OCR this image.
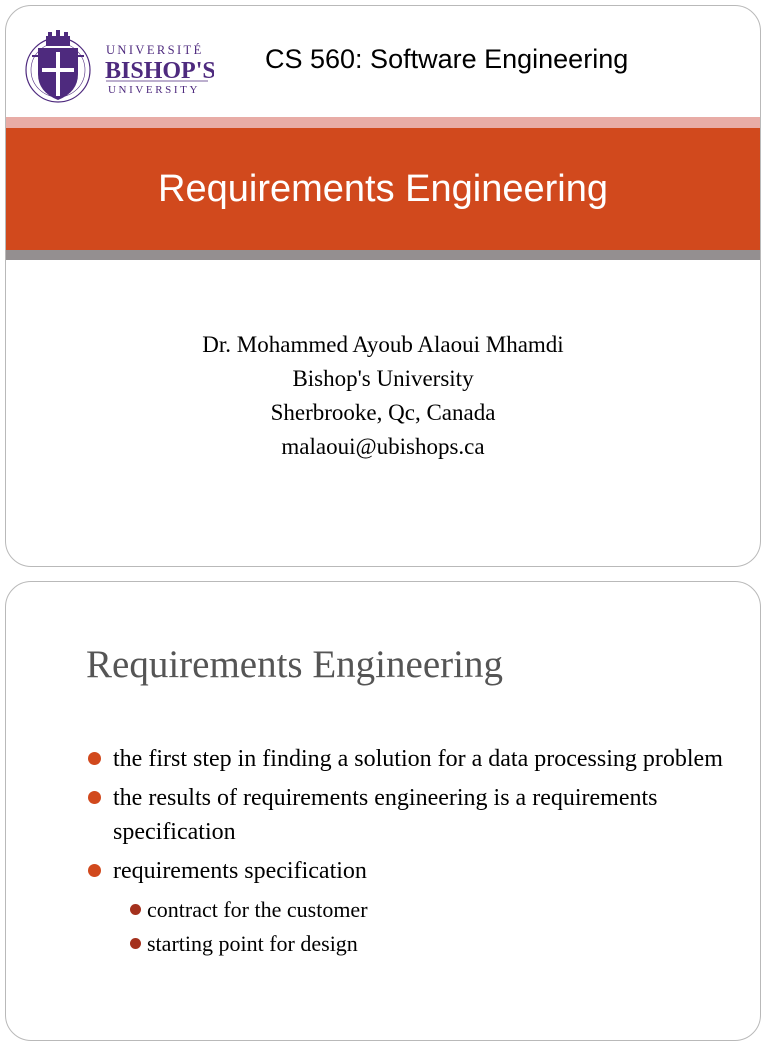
UNIVERSITÉ
BISHOP'S
UNIVERSITY
CS 560: Software Engineering
Requirements Engineering
Dr. Mohammed Ayoub Alaoui Mhamdi
Bishop's University
Sherbrooke, Qc, Canada
malaoui@ubishops.ca
Requirements Engineering
the first step in finding a solution for a data processing problem
the results of requirements engineering is a requirements specification
requirements specification
contract for the customer
starting point for design
